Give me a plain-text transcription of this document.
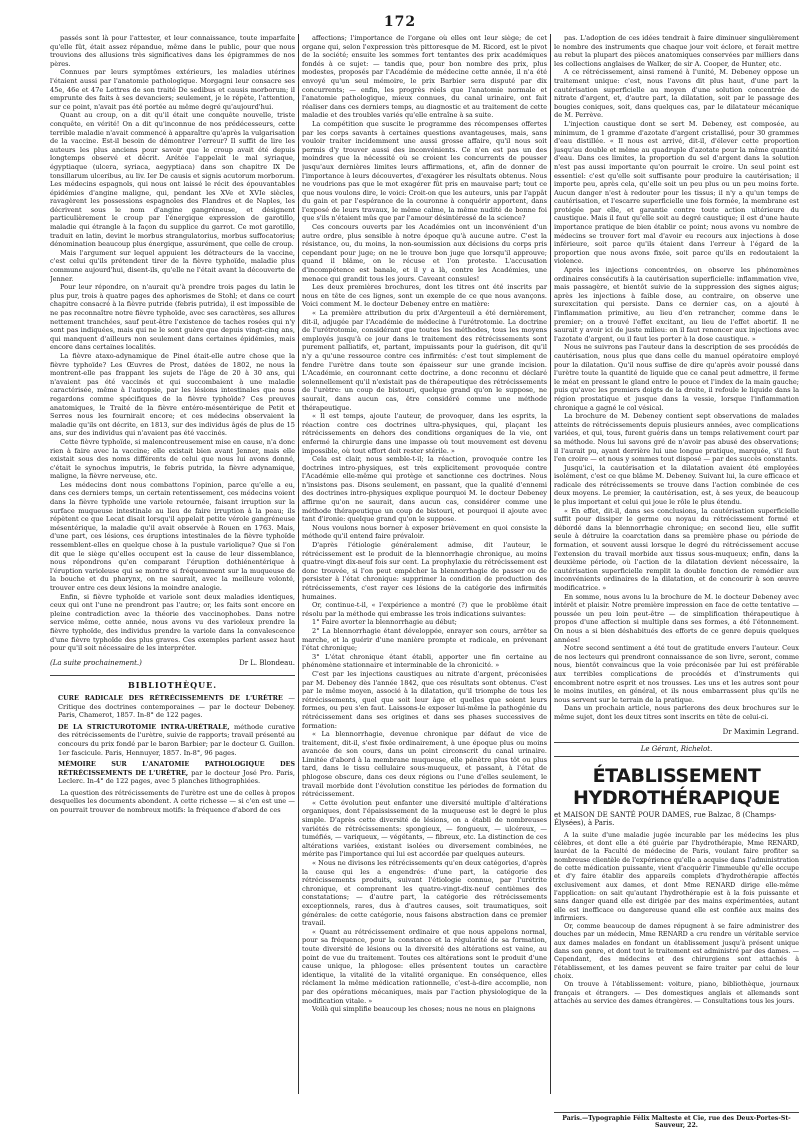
172

passés sont là pour l'attester, et leur connaissance, toute imparfaite qu'elle fût, était assez répandue, même dans le public, pour que nous trouvions des allusions très significatives dans les épigrammes de nos pères.

Connues par leurs symptômes extérieurs, les maladies utérines l'étaient aussi par l'anatomie pathologique. Morgagni leur consacre ses 45e, 46e et 47e Lettres de son traité De sedibus et causis morborum; il emprunte des faits à ses devanciers; seulement, je le répète, l'attention, sur ce point, n'avait pas été portée au même degré qu'aujourd'hui.

Quant au croup, on a dit qu'il était une conquête nouvelle, triste conquête, en vérité! On a dit qu'inconnue de nos prédécesseurs, cette terrible maladie n'avait commencé à apparaître qu'après la vulgarisation de la vaccine. Est-il besoin de démontrer l'erreur? Il suffit de lire les auteurs les plus anciens pour savoir que le croup avait été depuis longtemps observé et décrit. Arétée l'appelait le mal syriaque, égyptiaque (ulcera, syriaca, aegyptiaca) dans son chapitre IX De tonsillarum ulceribus, au liv. Ier De causis et signis acutorum morborum. Les médecins espagnols, qui nous ont laissé le récit des épouvantables épidémies d'angine maligne, qui, pendant les XVe et XVIe siècles, ravagèrent les possessions espagnoles des Flandres et de Naples, les décrivent sous le nom d'angine gangréneuse, et désignent particulièrement le croup par l'énergique expression de garotillo, maladie qui étrangle à la façon du supplice du garrot. Ce mot garotillo, traduit en latin, devint le morbus strangulatorius, morbus suffocatorius; dénomination beaucoup plus énergique, assurément, que celle de croup.

Mais l'argument sur lequel appuient les détracteurs de la vaccine, c'est celui qu'ils prétendent tirer de la fièvre typhoïde, maladie plus commune aujourd'hui, disent-ils, qu'elle ne l'était avant la découverte de Jenner.

Pour leur répondre, on n'aurait qu'à prendre trois pages du latin le plus pur, trois à quatre pages des aphorismes de Stohl; et dans ce court chapitre consacré à la fièvre putride (febris putrida), il est impossible de ne pas reconnaître notre fièvre typhoïde, avec ses caractères, ses allures nettement tranchées, sauf peut-être l'existence de taches rosées qui n'y sont pas indiquées, mais qui ne le sont guère que depuis vingt-cinq ans, qui manquent d'ailleurs non seulement dans certaines épidémies, mais encore dans certaines localités.

La fièvre ataxo-adynamique de Pinel était-elle autre chose que la fièvre typhoïde? Les Œuvres de Prost, datées de 1802, ne nous la montrent-elle pas frappant les sujets de l'âge de 20 à 30 ans, qui n'avaient pas été vaccinés et qui succombaient à une maladie caractérisée, même à l'autopsie, par les lésions intestinales que nous regardons comme spécifiques de la fièvre typhoïde? Ces preuves anatomiques, le Traité de la fièvre entéro-mésentérique de Petit et Serres nous les fournirait encore; et ces médecins observaient la maladie qu'ils ont décrite, en 1813, sur des individus âgés de plus de 15 ans, sur des individus qui n'avaient pas été vaccinés.

Cette fièvre typhoïde, si malencontreusement mise en cause, n'a donc rien à faire avec la vaccine; elle existait bien avant Jenner, mais elle existait sous des noms différents de celui que nous lui avons donné, c'était le synochus imputris, le febris putrida, la fièvre adynamique, maligne, la fièvre nerveuse, etc.

Les médecins dont nous combattons l'opinion, parce qu'elle a eu, dans ces derniers temps, un certain retentissement, ces médecins voient dans la fièvre typhoïde une variole retournée, faisant irruption sur la surface muqueuse intestinale au lieu de faire irruption à la peau; ils répètent ce que Lecat disait lorsqu'il appelait petite vérole gangréneuse mésentérique, la maladie qu'il avait observée à Rouen en 1763. Mais, d'une part, ces lésions, ces éruptions intestinales de la fièvre typhoïde ressemblent-elles en quelque chose à la pustule variolique? Que si l'on dit que le siège qu'elles occupent est la cause de leur dissemblance, nous répondrons qu'en comparant l'éruption dothiénentérique à l'éruption varioleuse qui se montre si fréquemment sur la muqueuse de la bouche et du pharynx, on ne saurait, avec la meilleure volonté, trouver entre ces deux lésions la moindre analogie.

Enfin, si fièvre typhoïde et variole sont deux maladies identiques, ceux qui ont l'une ne prendront pas l'autre; or, les faits sont encore en pleine contradiction avec la théorie des vaccinophobes. Dans notre service même, cette année, nous avons vu des varioleux prendre la fièvre typhoïde, des individus prendre la variole dans la convalescence d'une fièvre typhoïde des plus graves. Ces exemples parlent assez haut pour qu'il soit nécessaire de les interpréter.

(La suite prochainement.)	Dr L. Blondeau.
BIBLIOTHÈQUE.

CURE RADICALE DES RÉTRÉCISSEMENTS DE L'URÈTRE — Critique des doctrines contemporaines — par le docteur Debeney. Paris, Chamerot, 1857. In-8° de 122 pages.

DE LA STRICTUROTOMIE INTRA-URÉTRALE, méthode curative des rétrécissements de l'urètre, suivie de rapports; travail présenté au concours du prix fondé par le baron Barbier; par le docteur G. Guillon. 1er fascicule. Paris, Hennuyer, 1857. In-8°, 96 pages.

MÉMOIRE SUR L'ANATOMIE PATHOLOGIQUE DES RÉTRÉCISSEMENTS DE L'URÈTRE, par le docteur José Pro. Paris, Leclerc. In-4° de 122 pages, avec 5 planches lithographiées.

La question des rétrécissements de l'urètre est une de celles à propos desquelles les documents abondent. A cette richesse — si c'en est une — on pourrait trouver de nombreux motifs: la fréquence d'abord de ces

affections; l'importance de l'organe où elles ont leur siège; de cet organe qui, selon l'expression très pittoresque de M. Ricord, est le pivot de la société; ensuite les sommes fort tentantes des prix académiques fondés à ce sujet: — tandis que, pour bon nombre des prix, plus modestes, proposés par l'Académie de médecine cette année, il n'a été envoyé qu'un seul mémoire, le prix Barbier sera disputé par dix concurrents; — enfin, les progrès réels que l'anatomie normale et l'anatomie pathologique, mieux connues, du canal urinaire, ont fait réaliser dans ces derniers temps, au diagnostic et au traitement de cette maladie et des troubles variés qu'elle entraîne à sa suite.

La compétition que suscite le programme des récompenses offertes par les corps savants à certaines questions avantageuses, mais, sans vouloir traiter incidemment une aussi grosse affaire, qu'il nous soit permis d'y trouver aussi des inconvénients. Ce n'en est pas un des moindres que la nécessité où se croient les concurrents de pousser jusqu'aux dernières limites leurs affirmations, et, afin de donner de l'importance à leurs découvertes, d'exagérer les résultats obtenus. Nous ne voudrions pas que le mot exagérer fût pris en mauvaise part; tout ce que nous voulons dire, le voici: Croit-on que les auteurs, unis par l'appât du gain et par l'espérance de la couronne à conquérir apportent, dans l'exposé de leurs travaux, le même calme, la même nudité de bonne foi que s'ils n'étaient mûs que par l'amour désintéressé de la science?

Ces concours ouverts par les Académies ont un inconvénient d'un autre ordre, plus sensible à notre époque qu'à aucune autre. C'est la résistance, ou, du moins, la non-soumission aux décisions du corps pris cependant pour juge; on ne le trouve bon juge que lorsqu'il approuve; quand il blâme, on le récuse et l'on proteste. L'accusation d'incompétence est banale, et il y a là, contre les Académies, une menace qui grandit tous les jours. Caveant consules!

Les deux premières brochures, dont les titres ont été inscrits par nous en tête de ces lignes, sont un exemple de ce que nous avançons. Voici comment M. le docteur Debeney entre en matière:

« La première attribution du prix d'Argenteuil a été dernièrement, dit-il, adjugée par l'Académie de médecine à l'urétrotomie. La doctrine de l'urétrotomie, considérant que toutes les méthodes, tous les moyens employés jusqu'à ce jour dans le traitement des rétrécissements sont purement palliatifs, et, partant, impuissants pour la guérison, dit qu'il n'y a qu'une ressource contre ces infirmités: c'est tout simplement de fendre l'urètre dans toute son épaisseur sur une grande incision. L'Académie, en couronnant cette doctrine, a donc reconnu et déclaré solennellement qu'il n'existait pas de thérapeutique des rétrécissements de l'urètre: un coup de bistouri, quelque grand qu'on le suppose, ne saurait, dans aucun cas, être considéré comme une méthode thérapeutique.

« Il est temps, ajoute l'auteur, de provoquer, dans les esprits, la réaction contre ces doctrines ultra-physiques, qui, plaçant les rétrécissements en dehors des conditions organiques de la vie, ont enfermé la chirurgie dans une impasse où tout mouvement est devenu impossible, où tout effort doit rester stérile. »

Cela est clair, nous semble-t-il; la réaction, provoquée contre les doctrines intro-physiques, est très explicitement provoquée contre l'Académie elle-même qui protège et sanctionne ces doctrines. Nous n'insistons pas. Disons seulement, en passant, que la qualité d'ennemi des doctrines intro-physiques explique pourquoi M. le docteur Debeney affirme qu'on ne saurait, dans aucun cas, considérer comme une méthode thérapeutique un coup de bistouri, et pourquoi il ajoute avec tant d'ironie: quelque grand qu'on le suppose.

Nous voulons nous borner à exposer brièvement en quoi consiste la méthode qu'il entend faire prévaloir.

D'après l'étiologie généralement admise, dit l'auteur, le rétrécissement est le produit de la blennorrhagie chronique, au moins quatre-vingt dix-neuf fois sur cent. La prophylaxie du rétrécissement est donc trouvée, si l'on peut empêcher la blennorrhagie de passer ou de persister à l'état chronique: supprimer la condition de production des rétrécissements, c'est rayer ces lésions de la catégorie des infirmités humaines.

Or, continue-t-il, « l'expérience a montré (?) que le problème était résolu par la méthode qui embrasse les trois indications suivantes:

1° Faire avorter la blennorrhagie au début;

2° La blennorrhagie étant développée, enrayer son cours, arrêter sa marche, et la guérir d'une manière prompte et radicale, en prévenant l'état chronique;

3° L'état chronique étant établi, apporter une fin certaine au phénomène stationnaire et interminable de la chronicité. »

C'est par les injections caustiques au nitrate d'argent, préconisées par M. Debeney dès l'année 1842, que ces résultats sont obtenus. C'est par le même moyen, associé à la dilatation, qu'il triomphe de tous les rétrécissements, quel que soit leur âge et quelles que soient leurs formes, ou peu s'en faut. Laissons-le exposer lui-même la pathogénie du rétrécissement dans ses origines et dans ses phases successives de formation:

« La blennorrhagie, devenue chronique par défaut de vice de traitement, dit-il, s'est fixée ordinairement, à une époque plus ou moins avancée de son cours, dans un point circonscrit du canal urinaire. Limitée d'abord à la membrane muqueuse, elle pénètre plus tôt ou plus tard, dans le tissu cellulaire sous-muqueux, et passant, à l'état de phlogose obscure, dans ces deux régions ou l'une d'elles seulement, le travail morbide dont l'évolution constitue les périodes de formation du rétrécissement.

« Cette évolution peut enfanter une diversité multiple d'altérations organiques, dont l'épaississement de la muqueuse est le degré le plus simple. D'après cette diversité de lésions, on a établi de nombreuses variétés de rétrécissements: spongieux, — fongueux, — ulcéreux, — tuméfiés, — variqueux, — végétants, — fibreux, etc. La distinction de ces altérations variées, existant isolées ou diversement combinées, ne mérite pas l'importance qui lui est accordée par quelques auteurs.

« Nous ne divisons les rétrécissements qu'en deux catégories, d'après la cause qui les a engendrés: d'une part, la catégorie des rétrécissements produits, suivant l'étiologie connue, par l'urétrite chronique, et comprenant les quatre-vingt-dix-neuf centièmes des constatations; — d'autre part, la catégorie des rétrécissements exceptionnels, rares, dus à d'autres causes, soit traumatiques, soit générales: de cette catégorie, nous faisons abstraction dans ce premier travail.

« Quant au rétrécissement ordinaire et que nous appelons normal, pour sa fréquence, pour la constance et la régularité de sa formation, toute diversité de lésions ou la diversité des altérations est vaine, au point de vue du traitement. Toutes ces altérations sont le produit d'une cause unique, la phlogose: elles présentent toutes un caractère identique, la vitalité de la vitalité organique. En conséquence, elles réclament la même médication rationnelle, c'est-à-dire accomplie, non par des opérations mécaniques, mais par l'action physiologique de la modification vitale. »

Voilà qui simplifie beaucoup les choses; nous ne nous en plaignons

pas. L'adoption de ces idées tendrait à faire diminuer singulièrement le nombre des instruments que chaque jour voit éclore, et ferait mettre au rebut la plupart des pièces anatomiques conservées par milliers dans les collections anglaises de Walker, de sir A. Cooper, de Hunter, etc.

A ce rétrécissement, ainsi ramené à l'unité, M. Debeney oppose un traitement unique: c'est, nous l'avons dit plus haut, d'une part la cautérisation superficielle au moyen d'une solution concentrée de nitrate d'argent, et, d'autre part, la dilatation, soit par le passage des bougies coniques, soit, dans quelques cas, par le dilatateur mécanique de M. Perrève.

L'injection caustique dont se sert M. Debeney, est composée, au minimum, de 1 gramme d'azotate d'argent cristallisé, pour 30 grammes d'eau distillée. « Il nous est arrivé, dit-il, d'élever cette proportion jusqu'au double et même au quadruple d'azotate pour la même quantité d'eau. Dans ces limites, la proportion du sel d'argent dans la solution n'est pas aussi importante qu'on pourrait le croire. Un seul point est essentiel: c'est qu'elle soit suffisante pour produire la cautérisation; il importe peu, après cela, qu'elle soit un peu plus ou un peu moins forte. Aucun danger n'est à redouter pour les tissus; il n'y a qu'un temps de cautérisation, et l'escarre superficielle une fois formée, la membrane est protégée par elle, et garantie contre toute action ultérieure du caustique. Mais il faut qu'elle soit au degré caustique; il est d'une haute importance pratique de bien établir ce point; nous avons vu nombre de médecins se trouver fort mal d'avoir eu recours aux injections à dose inférieure, soit parce qu'ils étaient dans l'erreur à l'égard de la proportion que nous avons fixée, soit parce qu'ils en redoutaient la violence.

Après les injections concentrées, on observe les phénomènes ordinaires consécutifs à la cautérisation superficielle: inflammation vive, mais passagère, et bientôt suivie de la suppression des signes aigus; après les injections à faible dose, au contraire, on observe une surexcitation qui persiste. Dans ce dernier cas, on a ajouté à l'inflammation primitive, au lieu d'en retrancher, comme dans le premier; on a trouvé l'effet excitant, au lieu de l'effet abortif. Il ne saurait y avoir ici de juste milieu: on il faut renoncer aux injections avec l'azotate d'argent, ou il faut les porter à la dose caustique. »

Nous ne suivrons pas l'auteur dans la description de ses procédés de cautérisation, nous plus que dans celle du manuel opératoire employé pour la dilatation. Qu'il nous suffise de dire qu'après avoir poussé dans l'urètre toute la quantité de liquide que ce canal peut admettre, il ferme le méat en pressant le gland entre le pouce et l'index de la main gauche; puis qu'avec les premiers doigts de la droite, il refoule le liquide dans la région prostatique et jusque dans la vessie, lorsque l'inflammation chronique a gagné le col vésical.

La brochure de M. Debeney contient sept observations de malades atteints de rétrécissements depuis plusieurs années, avec complications variées, et qui, tous, furent guéris dans un temps relativement court par sa méthode. Nous lui savons gré de n'avoir pas abusé des observations; il l'aurait pu, ayant derrière lui une longue pratique, marquée, s'il faut l'en croire — et nous y sommes tout disposé — par des succès constants.

Jusqu'ici, la cautérisation et la dilatation avaient été employées isolément, c'est ce que blâme M. Debeney. Suivant lui, la cure efficace et radicale des rétrécissements se trouve dans l'action combinée de ces deux moyens. Le premier, la cautérisation, est, à ses yeux, de beaucoup le plus important et celui qui joue le rôle le plus étendu.

« En effet, dit-il, dans ses conclusions, la cautérisation superficielle suffit pour dissiper le germe ou noyau du rétrécissement formé et débordé dans la blennorrhagie chronique; en second lieu, elle suffit seule à détruire la coarctation dans sa première phase ou période de formation, et souvent aussi lorsque le degré du rétrécissement accuse l'extension du travail morbide aux tissus sous-muqueux; enfin, dans la deuxième période, où l'action de la dilatation devient nécessaire, la cautérisation superficielle remplit la double fonction de remédier aux inconvénients ordinaires de la dilatation, et de concourir à son œuvre modificatrice. »

En somme, nous avons lu la brochure de M. le docteur Debeney avec intérêt et plaisir. Notre première impression en face de cette tentative — poussée un peu loin peut-être — de simplification thérapeutique à propos d'une affection si multiple dans ses formes, a été l'étonnement. On nous a si bien déshabitués des efforts de ce genre depuis quelques années!

Notre second sentiment a été tout de gratitude envers l'auteur. Ceux de nos lecteurs qui prendront connaissance de son livre, seront, comme nous, bientôt convaincus que la voie préconisée par lui est préférable aux terribles complications de procédés et d'instruments qui encombrent notre esprit et nos trousses. Les uns et les autres sont pour le moins inutiles, en général, et ils nous embarrassent plus qu'ils ne nous servent sur le terrain de la pratique.

Dans un prochain article, nous parlerons des deux brochures sur le même sujet, dont les deux titres sont inscrits en tête de celui-ci.

Dr Maximin Legrand.
Le Gérant, Richelot.
ÉTABLISSEMENT HYDROTHÉRAPIQUE
et MAISON DE SANTÉ POUR DAMES, rue Balzac, 8 (Champs-Élysées), à Paris.

A la suite d'une maladie jugée incurable par les médecins les plus célèbres, et dont elle a été guérie par l'hydrothérapie, Mme RENARD, lauréat de la Faculté de médecine de Paris, voulant faire profiter sa nombreuse clientèle de l'expérience qu'elle a acquise dans l'administration de cette médication puissante, vient d'acquérir l'immeuble qu'elle occupe et d'y faire établir des appareils complets d'hydrothérapie affectés exclusivement aux dames, et dont Mme RENARD dirige elle-même l'application: on sait qu'autant l'hydrothérapie est à la fois puissante et sans danger quand elle est dirigée par des mains expérimentées, autant elle est inefficace ou dangereuse quand elle est confiée aux mains des infirmiers.

Or, comme beaucoup de dames répugnent à se faire administrer des douches par un médecin, Mme RENARD a cru rendre un véritable service aux dames malades en fondant un établissement jusqu'à présent unique dans son genre, et dont tout le traitement est administré par des dames. — Cependant, des médecins et des chirurgiens sont attachés à l'établissement, et les dames peuvent se faire traiter par celui de leur choix.

On trouve à l'établissement: voiture, piano, bibliothèque, journaux français et étrangers. — Des domestiques anglais et allemands sont attachés au service des dames étrangères. — Consultations tous les jours.

Paris.—Typographie Félix Malteste et Cie, rue des Deux-Portes-St-Sauveur, 22.
